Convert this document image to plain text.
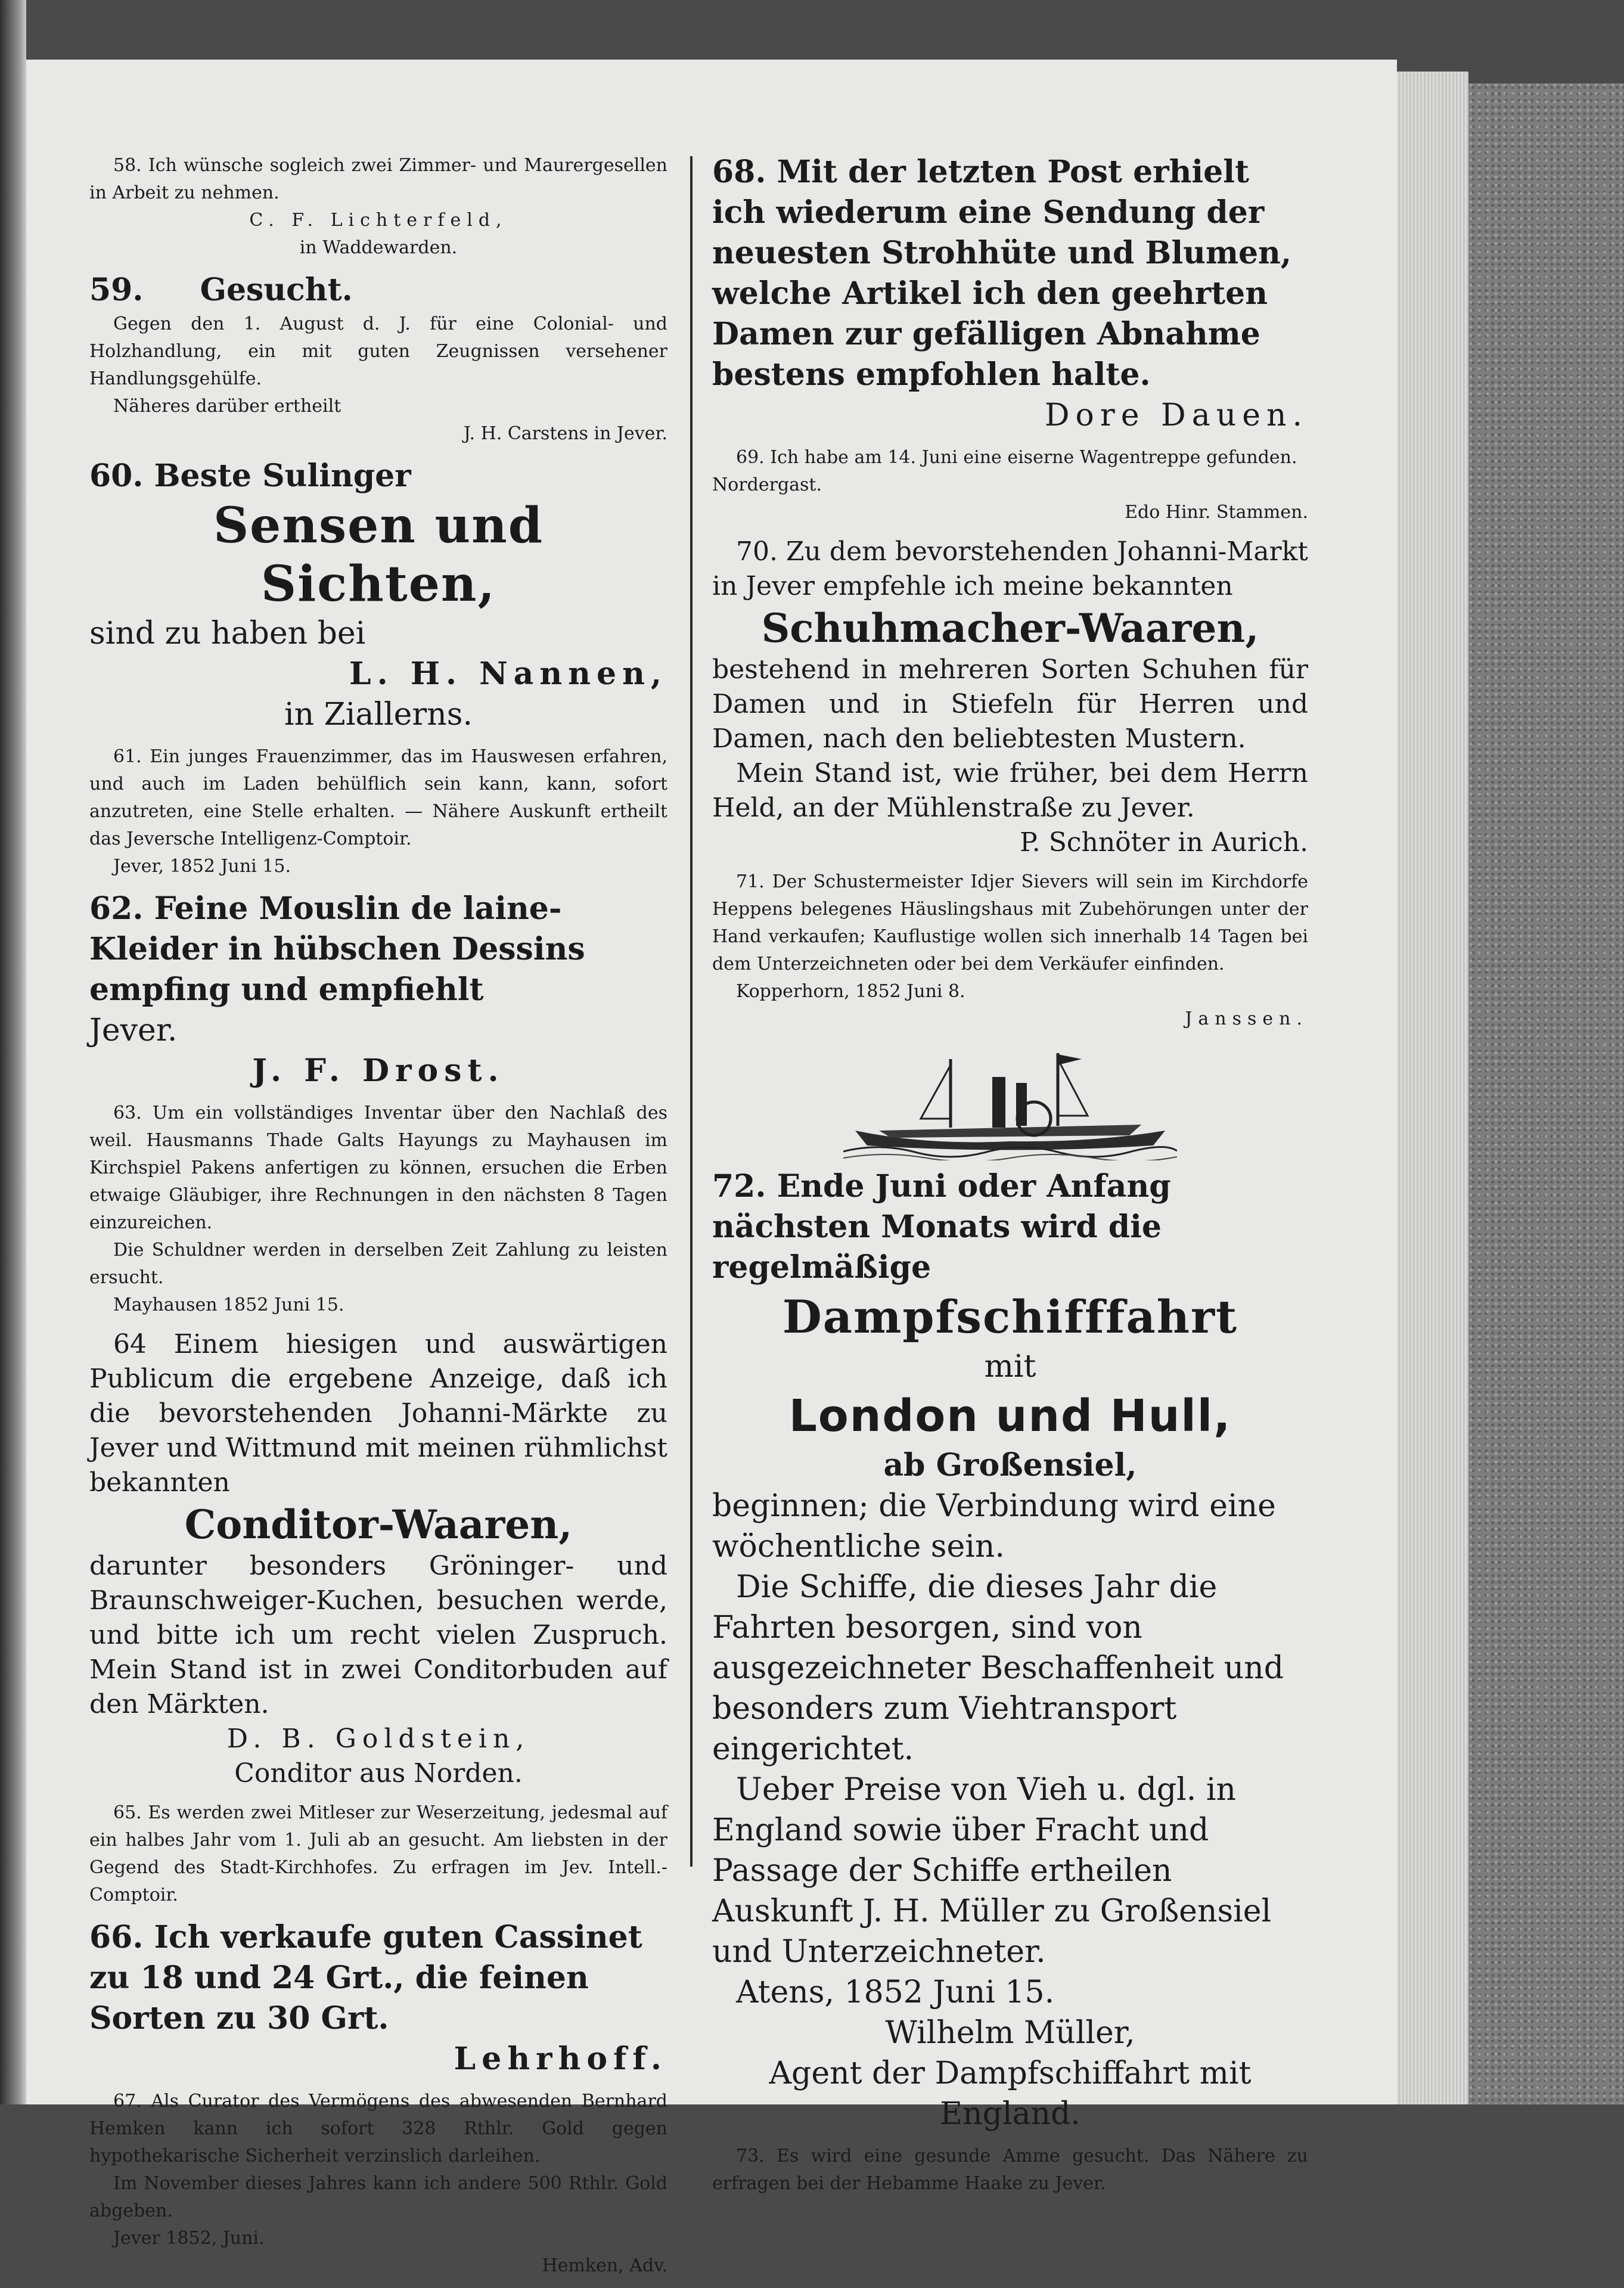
58. Ich wünsche sogleich zwei Zimmer- und Maurergesellen in Arbeit zu nehmen.
C. F. Lichterfeld,
in Waddewarden.
59. Gesucht.
Gegen den 1. August d. J. für eine Colonial- und Holzhandlung, ein mit guten Zeugnissen versehener Handlungsgehülfe.
Näheres darüber ertheilt
J. H. Carstens in Jever.
60. Beste Sulinger
Sensen und Sichten,
sind zu haben bei
L. H. Nannen,
in Ziallerns.
61. Ein junges Frauenzimmer, das im Hauswesen erfahren, und auch im Laden behülflich sein kann, kann, sofort anzutreten, eine Stelle erhalten. — Nähere Auskunft ertheilt das Jeversche Intelligenz-Comptoir.
Jever, 1852 Juni 15.
62. Feine Mouslin de laine-Kleider in hübschen Dessins empfing und empfiehlt
Jever.
J. F. Drost.
63. Um ein vollständiges Inventar über den Nachlaß des weil. Hausmanns Thade Galts Hayungs zu Mayhausen im Kirchspiel Pakens anfertigen zu können, ersuchen die Erben etwaige Gläubiger, ihre Rechnungen in den nächsten 8 Tagen einzureichen.
Die Schuldner werden in derselben Zeit Zahlung zu leisten ersucht.
Mayhausen 1852 Juni 15.
64 Einem hiesigen und auswärtigen Publicum die ergebene Anzeige, daß ich die bevorstehenden Johanni-Märkte zu Jever und Wittmund mit meinen rühmlichst bekannten
Conditor-Waaren,
darunter besonders Gröninger- und Braunschweiger-Kuchen, besuchen werde, und bitte ich um recht vielen Zuspruch. Mein Stand ist in zwei Conditorbuden auf den Märkten.
D. B. Goldstein,
Conditor aus Norden.
65. Es werden zwei Mitleser zur Weserzeitung, jedesmal auf ein halbes Jahr vom 1. Juli ab an gesucht. Am liebsten in der Gegend des Stadt-Kirchhofes. Zu erfragen im Jev. Intell.-Comptoir.
66. Ich verkaufe guten Cassinet zu 18 und 24 Grt., die feinen Sorten zu 30 Grt.
Lehrhoff.
67. Als Curator des Vermögens des abwesenden Bernhard Hemken kann ich sofort 328 Rthlr. Gold gegen hypothekarische Sicherheit verzinslich darleihen.
Im November dieses Jahres kann ich andere 500 Rthlr. Gold abgeben.
Jever 1852, Juni.
Hemken, Adv.
68. Mit der letzten Post erhielt ich wiederum eine Sendung der neuesten Strohhüte und Blumen, welche Artikel ich den geehrten Damen zur gefälligen Abnahme bestens empfohlen halte.
Dore Dauen.
69. Ich habe am 14. Juni eine eiserne Wagentreppe gefunden.
Nordergast.
Edo Hinr. Stammen.
70. Zu dem bevorstehenden Johanni-Markt in Jever empfehle ich meine bekannten
Schuhmacher-Waaren,
bestehend in mehreren Sorten Schuhen für Damen und in Stiefeln für Herren und Damen, nach den beliebtesten Mustern.
Mein Stand ist, wie früher, bei dem Herrn Held, an der Mühlenstraße zu Jever.
P. Schnöter in Aurich.
71. Der Schustermeister Idjer Sievers will sein im Kirchdorfe Heppens belegenes Häuslingshaus mit Zubehörungen unter der Hand verkaufen; Kauflustige wollen sich innerhalb 14 Tagen bei dem Unterzeichneten oder bei dem Verkäufer einfinden.
Kopperhorn, 1852 Juni 8.
Janssen.
72. Ende Juni oder Anfang nächsten Monats wird die regelmäßige
Dampfschifffahrt
mit
London und Hull,
ab Großensiel,
beginnen; die Verbindung wird eine wöchentliche sein.
Die Schiffe, die dieses Jahr die Fahrten besorgen, sind von ausgezeichneter Beschaffenheit und besonders zum Viehtransport eingerichtet.
Ueber Preise von Vieh u. dgl. in England sowie über Fracht und Passage der Schiffe ertheilen Auskunft J. H. Müller zu Großensiel und Unterzeichneter.
Atens, 1852 Juni 15.
Wilhelm Müller,
Agent der Dampfschiffahrt mit England.
73. Es wird eine gesunde Amme gesucht. Das Nähere zu erfragen bei der Hebamme Haake zu Jever.
